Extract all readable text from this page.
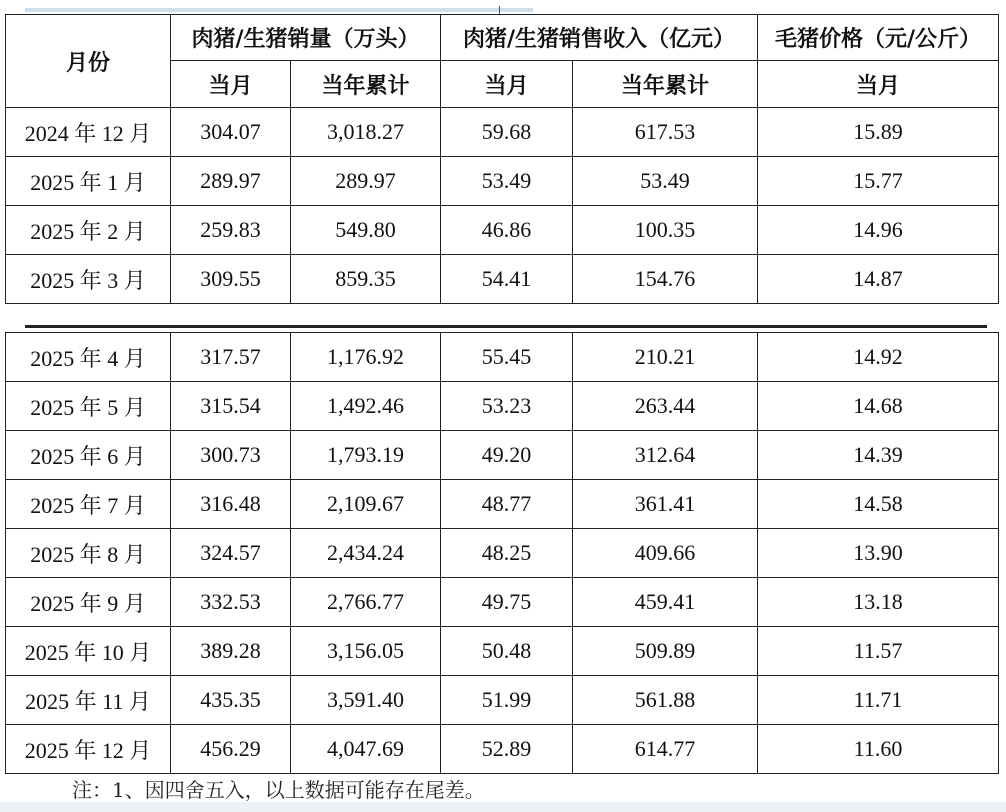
月份	肉猪/生猪销量（万头）		肉猪/生猪销售收入（亿元）		毛猪价格（元/公斤）
	当月	当年累计	当月	当年累计	当月
2024 年 12 月	304.07	3,018.27	59.68	617.53	15.89
2025 年 1 月	289.97	289.97	53.49	53.49	15.77
2025 年 2 月	259.83	549.80	46.86	100.35	14.96
2025 年 3 月	309.55	859.35	54.41	154.76	14.87
2025 年 4 月	317.57	1,176.92	55.45	210.21	14.92
2025 年 5 月	315.54	1,492.46	53.23	263.44	14.68
2025 年 6 月	300.73	1,793.19	49.20	312.64	14.39
2025 年 7 月	316.48	2,109.67	48.77	361.41	14.58
2025 年 8 月	324.57	2,434.24	48.25	409.66	13.90
2025 年 9 月	332.53	2,766.77	49.75	459.41	13.18
2025 年 10 月	389.28	3,156.05	50.48	509.89	11.57
2025 年 11 月	435.35	3,591.40	51.99	561.88	11.71
2025 年 12 月	456.29	4,047.69	52.89	614.77	11.60
注：1、因四舍五入，以上数据可能存在尾差。
